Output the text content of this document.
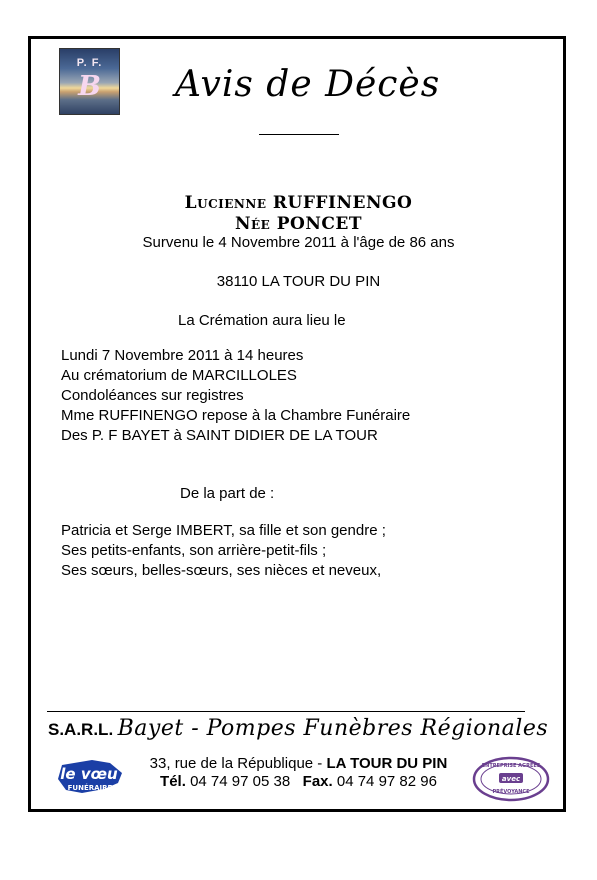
P. F.
B	Avis de Décès
Lucienne RUFFINENGO
Née PONCET
Survenu le 4 Novembre 2011 à l'âge de 86 ans
38110 LA TOUR DU PIN
La Crémation aura lieu le
Lundi 7 Novembre 2011 à 14 heures
Au crématorium de MARCILLOLES
Condoléances sur registres
Mme RUFFINENGO repose à la Chambre Funéraire
Des P. F BAYET à SAINT DIDIER DE LA TOUR
De la part de :
Patricia et Serge IMBERT, sa fille et son gendre ;
Ses petits-enfants, son arrière-petit-fils ;
Ses sœurs, belles-sœurs, ses nièces et neveux,
S.A.R.L. Bayet - Pompes Funèbres Régionales
33, rue de la République - LA TOUR DU PIN
Tél. 04 74 97 05 38 Fax. 04 74 97 82 96
le vœu
FUNÉRAIRE
ENTREPRISE AGRÉÉE
avec
PRÉVOYANCE
